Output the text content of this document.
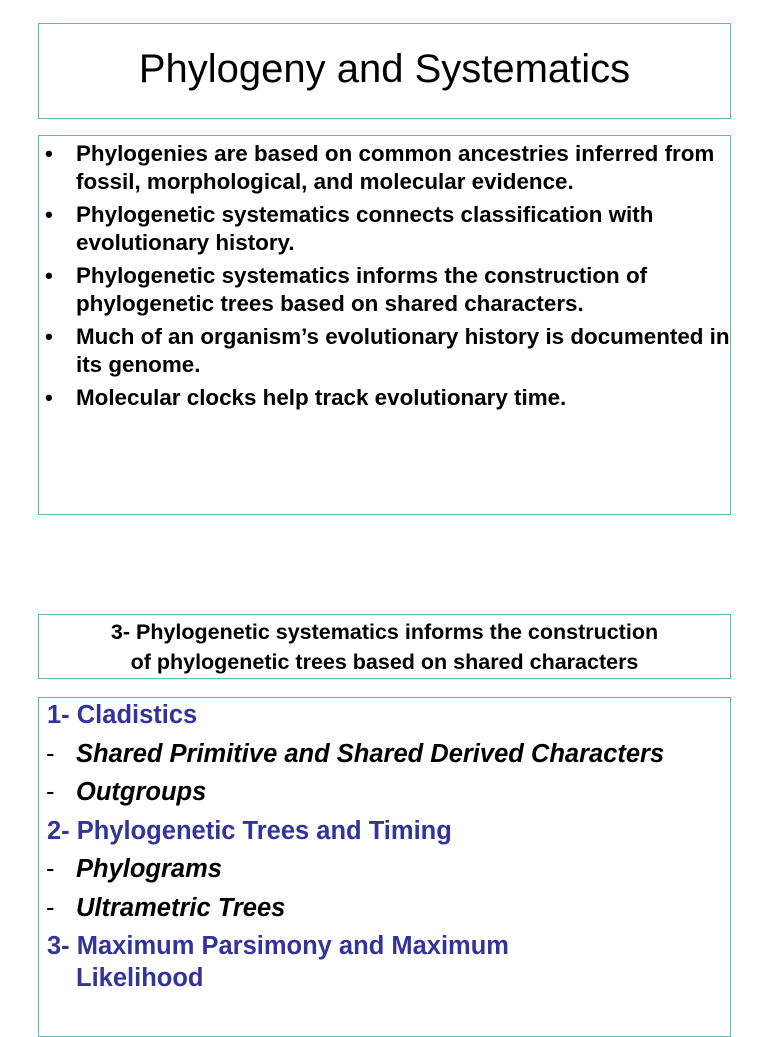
Phylogeny and Systematics
• Phylogenies are based on common ancestries inferred from fossil, morphological, and molecular evidence.
• Phylogenetic systematics connects classification with evolutionary history.
• Phylogenetic systematics informs the construction of phylogenetic trees based on shared characters.
• Much of an organism’s evolutionary history is documented in its genome.
• Molecular clocks help track evolutionary time.
3- Phylogenetic systematics informs the construction
of phylogenetic trees based on shared characters
1- Cladistics
- Shared Primitive and Shared Derived Characters
- Outgroups
2- Phylogenetic Trees and Timing
- Phylograms
- Ultrametric Trees
3- Maximum Parsimony and Maximum
Likelihood
